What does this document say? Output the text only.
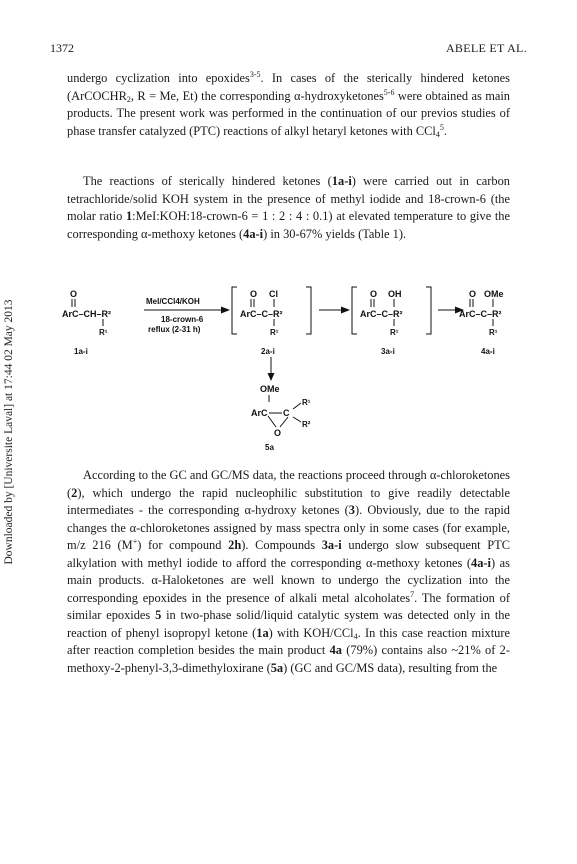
Downloaded by [Universite Laval] at 17:44 02 May 2013
1372	ABELE ET AL.
undergo cyclization into epoxides$^{3-5}$. In cases of the sterically hindered ketones (ArCOCHR$_2$, R = Me, Et) the corresponding α-hydroxyketones$^{5-6}$ were obtained as main products. The present work was performed in the continuation of our previos studies of phase transfer catalyzed (PTC) reactions of alkyl hetaryl ketones with CCl$_4^5$.
The reactions of sterically hindered ketones (1a-i) were carried out in carbon tetrachloride/solid KOH system in the presence of methyl iodide and 18-crown-6 (the molar ratio 1:MeI:KOH:18-crown-6 = 1 : 2 : 4 : 0.1) at elevated temperature to give the corresponding α-methoxy ketones (4a-i) in 30-67% yields (Table 1).
O
ArC–CH–R²
R¹
1a-i
MeI/CCl4/KOH
18-crown-6
reflux (2-31 h)
O Cl
ArC–C–R²
R¹
2a-i
O OH
ArC–C–R²
R¹
3a-i
O OMe
ArC–C–R²
R¹
4a-i
OMe
ArC C
R¹
R²
O
5a
According to the GC and GC/MS data, the reactions proceed through α-chloroketones (2), which undergo the rapid nucleophilic substitution to give readily detectable intermediates - the corresponding α-hydroxy ketones (3). Obviously, due to the rapid changes the α-chloroketones assigned by mass spectra only in some cases (for example, m/z 216 (M+) for compound 2h). Compounds 3a-i undergo slow subsequent PTC alkylation with methyl iodide to afford the corresponding α-methoxy ketones (4a-i) as main products. α-Haloketones are well known to undergo the cyclization into the corresponding epoxides in the presence of alkali metal alcoholates$^7$. The formation of similar epoxides 5 in two-phase solid/liquid catalytic system was detected only in the reaction of phenyl isopropyl ketone (1a) with KOH/CCl$_4$. In this case reaction mixture after reaction completion besides the main product 4a (79%) contains also ~21% of 2-methoxy-2-phenyl-3,3-dimethyloxirane (5a) (GC and GC/MS data), resulting from the
